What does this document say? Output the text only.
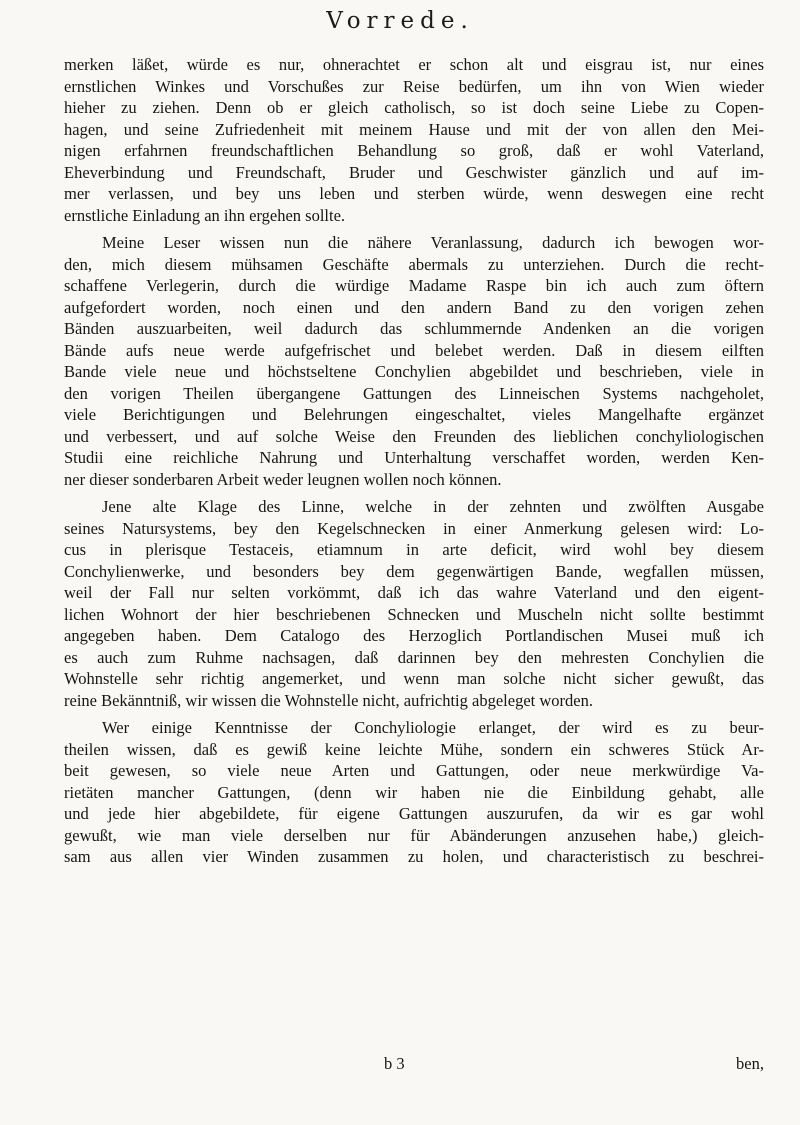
Vorrede.
merken läßet, würde es nur, ohnerachtet er schon alt und eisgrau ist, nur eines
ernstlichen Winkes und Vorschußes zur Reise bedürfen, um ihn von Wien wieder
hieher zu ziehen. Denn ob er gleich catholisch, so ist doch seine Liebe zu Copen-
hagen, und seine Zufriedenheit mit meinem Hause und mit der von allen den Mei-
nigen erfahrnen freundschaftlichen Behandlung so groß, daß er wohl Vaterland,
Eheverbindung und Freundschaft, Bruder und Geschwister gänzlich und auf im-
mer verlassen, und bey uns leben und sterben würde, wenn deswegen eine recht
ernstliche Einladung an ihn ergehen sollte.
Meine Leser wissen nun die nähere Veranlassung, dadurch ich bewogen wor-
den, mich diesem mühsamen Geschäfte abermals zu unterziehen. Durch die recht-
schaffene Verlegerin, durch die würdige Madame Raspe bin ich auch zum öftern
aufgefordert worden, noch einen und den andern Band zu den vorigen zehen
Bänden auszuarbeiten, weil dadurch das schlummernde Andenken an die vorigen
Bände aufs neue werde aufgefrischet und belebet werden. Daß in diesem eilften
Bande viele neue und höchstseltene Conchylien abgebildet und beschrieben, viele in
den vorigen Theilen übergangene Gattungen des Linneischen Systems nachgeholet,
viele Berichtigungen und Belehrungen eingeschaltet, vieles Mangelhafte ergänzet
und verbessert, und auf solche Weise den Freunden des lieblichen conchyliologischen
Studii eine reichliche Nahrung und Unterhaltung verschaffet worden, werden Ken-
ner dieser sonderbaren Arbeit weder leugnen wollen noch können.
Jene alte Klage des Linne, welche in der zehnten und zwölften Ausgabe
seines Natursystems, bey den Kegelschnecken in einer Anmerkung gelesen wird: Lo-
cus in plerisque Testaceis, etiamnum in arte deficit, wird wohl bey diesem
Conchylienwerke, und besonders bey dem gegenwärtigen Bande, wegfallen müssen,
weil der Fall nur selten vorkömmt, daß ich das wahre Vaterland und den eigent-
lichen Wohnort der hier beschriebenen Schnecken und Muscheln nicht sollte bestimmt
angegeben haben. Dem Catalogo des Herzoglich Portlandischen Musei muß ich
es auch zum Ruhme nachsagen, daß darinnen bey den mehresten Conchylien die
Wohnstelle sehr richtig angemerket, und wenn man solche nicht sicher gewußt, das
reine Bekänntniß, wir wissen die Wohnstelle nicht, aufrichtig abgeleget worden.
Wer einige Kenntnisse der Conchyliologie erlanget, der wird es zu beur-
theilen wissen, daß es gewiß keine leichte Mühe, sondern ein schweres Stück Ar-
beit gewesen, so viele neue Arten und Gattungen, oder neue merkwürdige Va-
rietäten mancher Gattungen, (denn wir haben nie die Einbildung gehabt, alle
und jede hier abgebildete, für eigene Gattungen auszurufen, da wir es gar wohl
gewußt, wie man viele derselben nur für Abänderungen anzusehen habe,) gleich-
sam aus allen vier Winden zusammen zu holen, und characteristisch zu beschrei-
b 3	ben,
